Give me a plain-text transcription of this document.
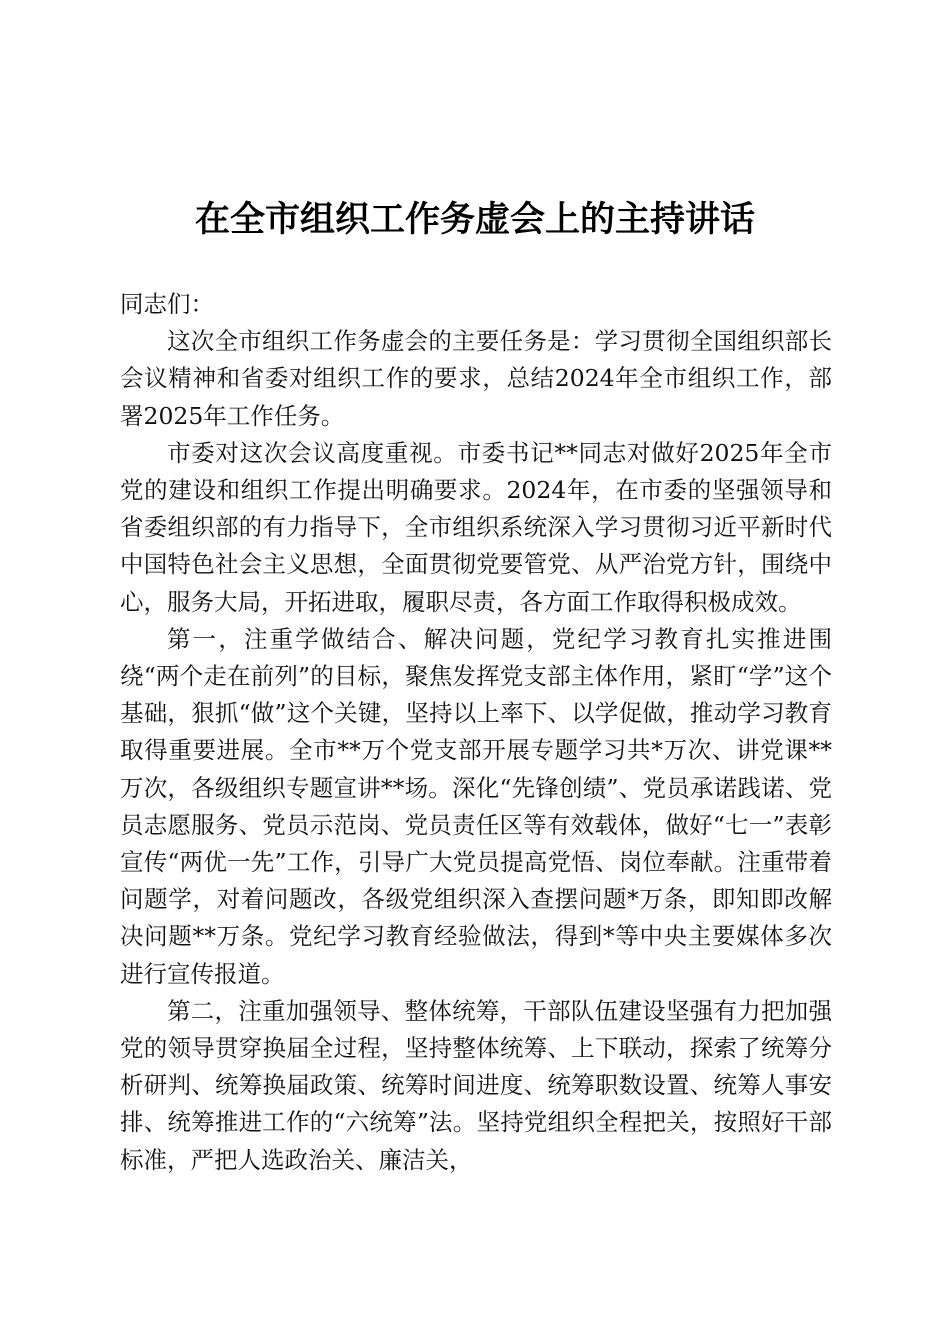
在全市组织工作务虚会上的主持讲话

同志们：

这次全市组织工作务虚会的主要任务是：学习贯彻全国组织部长会议精神和省委对组织工作的要求，总结2024年全市组织工作，部署2025年工作任务。

市委对这次会议高度重视。市委书记**同志对做好2025年全市党的建设和组织工作提出明确要求。2024年，在市委的坚强领导和省委组织部的有力指导下，全市组织系统深入学习贯彻习近平新时代中国特色社会主义思想，全面贯彻党要管党、从严治党方针，围绕中心，服务大局，开拓进取，履职尽责，各方面工作取得积极成效。

第一，注重学做结合、解决问题，党纪学习教育扎实推进围绕“两个走在前列”的目标，聚焦发挥党支部主体作用，紧盯“学”这个基础，狠抓“做”这个关键，坚持以上率下、以学促做，推动学习教育取得重要进展。全市**万个党支部开展专题学习共*万次、讲党课**万次，各级组织专题宣讲**场。深化“先锋创绩”、党员承诺践诺、党员志愿服务、党员示范岗、党员责任区等有效载体，做好“七一”表彰宣传“两优一先”工作，引导广大党员提高党悟、岗位奉献。注重带着问题学，对着问题改，各级党组织深入查摆问题*万条，即知即改解决问题**万条。党纪学习教育经验做法，得到*等中央主要媒体多次进行宣传报道。

第二，注重加强领导、整体统筹，干部队伍建设坚强有力把加强党的领导贯穿换届全过程，坚持整体统筹、上下联动，探索了统筹分析研判、统筹换届政策、统筹时间进度、统筹职数设置、统筹人事安排、统筹推进工作的“六统筹”法。坚持党组织全程把关，按照好干部标准，严把人选政治关、廉洁关，
